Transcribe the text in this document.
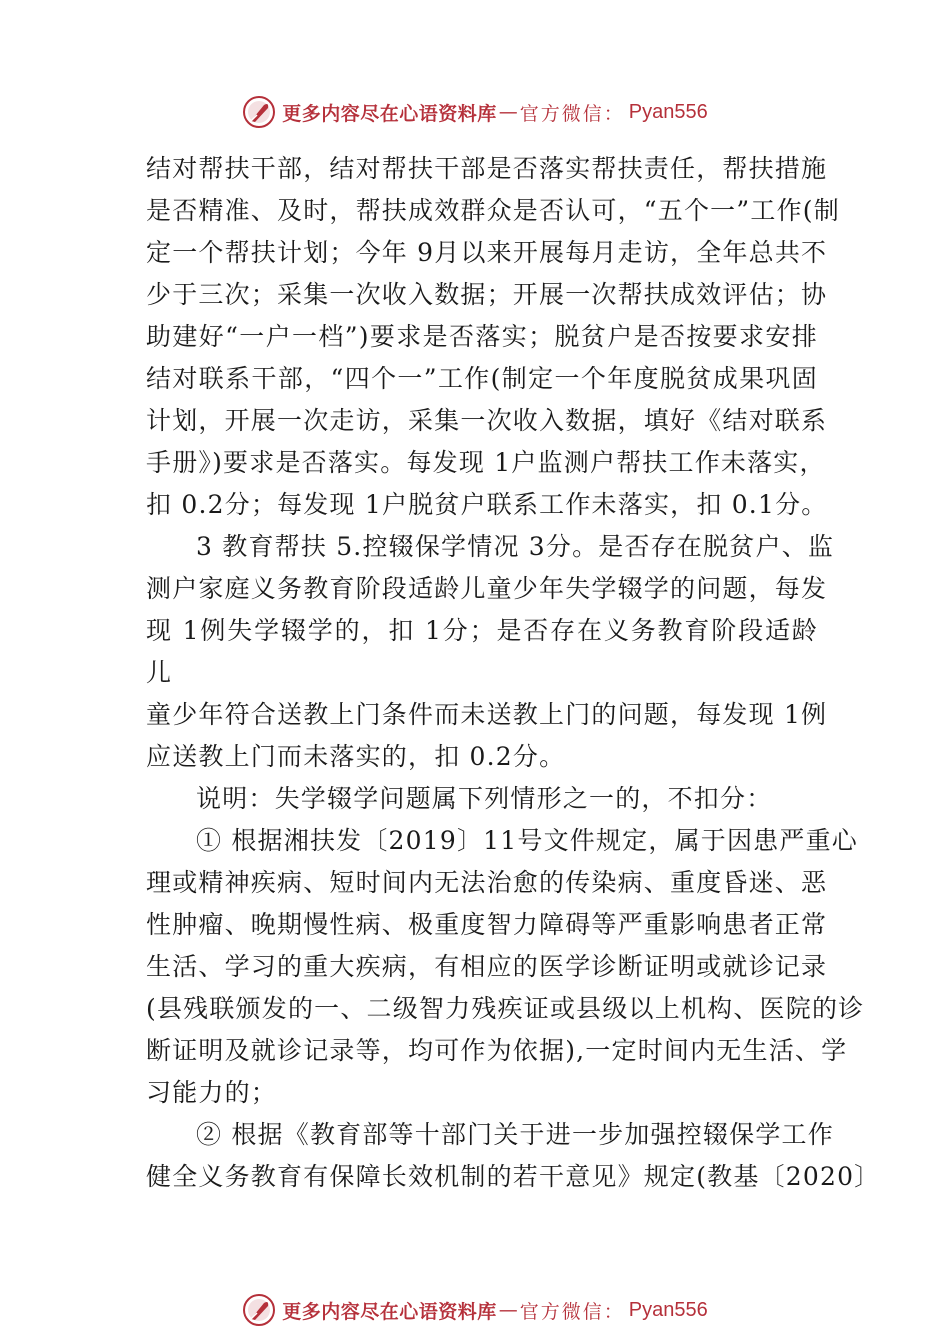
更多内容尽在心语资料库 — 官方微信： Pyan556
结对帮扶干部，结对帮扶干部是否落实帮扶责任，帮扶措施
是否精准、及时，帮扶成效群众是否认可，“五个一”工作(制
定一个帮扶计划；今年 9月以来开展每月走访，全年总共不
少于三次；采集一次收入数据；开展一次帮扶成效评估；协
助建好“一户一档”)要求是否落实；脱贫户是否按要求安排
结对联系干部，“四个一”工作(制定一个年度脱贫成果巩固
计划，开展一次走访，采集一次收入数据，填好《结对联系
手册》)要求是否落实。每发现 1户监测户帮扶工作未落实，
扣 0.2分；每发现 1户脱贫户联系工作未落实，扣 0.1分。
3 教育帮扶 5.控辍保学情况 3分。是否存在脱贫户、监
测户家庭义务教育阶段适龄儿童少年失学辍学的问题，每发
现 1例失学辍学的，扣 1分；是否存在义务教育阶段适龄
儿
童少年符合送教上门条件而未送教上门的问题，每发现 1例
应送教上门而未落实的，扣 0.2分。
说明：失学辍学问题属下列情形之一的，不扣分：
① 根据湘扶发〔2019〕11号文件规定，属于因患严重心
理或精神疾病、短时间内无法治愈的传染病、重度昏迷、恶
性肿瘤、晚期慢性病、极重度智力障碍等严重影响患者正常
生活、学习的重大疾病，有相应的医学诊断证明或就诊记录
(县残联颁发的一、二级智力残疾证或县级以上机构、医院的诊
断证明及就诊记录等，均可作为依据),一定时间内无生活、学
习能力的；
② 根据《教育部等十部门关于进一步加强控辍保学工作
健全义务教育有保障长效机制的若干意见》规定(教基〔2020〕
更多内容尽在心语资料库 — 官方微信： Pyan556
